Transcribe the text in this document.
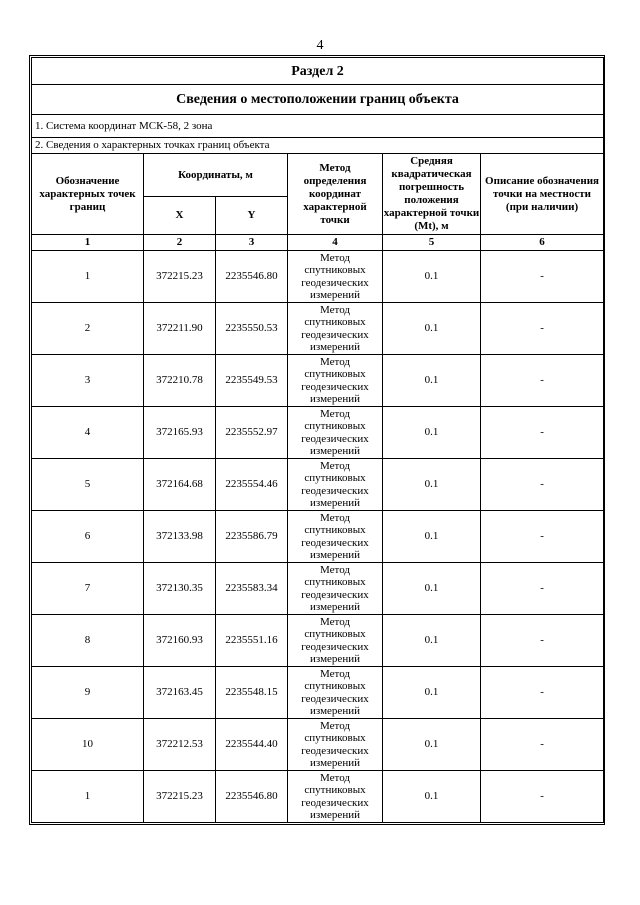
4
Раздел 2					
Сведения о местоположении границ объекта					
1. Система координат МСК-58, 2 зона					
2. Сведения о характерных точках границ объекта					
Обозначение характерных точек границ	Координаты, м		Метод определения координат характерной точки	Средняя квадратическая погрешность положения характерной точки (Mt), м	Описание обозначения точки на местности (при наличии)
	X	Y			
1	2	3	4	5	6
1	372215.23	2235546.80	Метод
спутниковых
геодезических
измерений	0.1	-
2	372211.90	2235550.53	Метод
спутниковых
геодезических
измерений	0.1	-
3	372210.78	2235549.53	Метод
спутниковых
геодезических
измерений	0.1	-
4	372165.93	2235552.97	Метод
спутниковых
геодезических
измерений	0.1	-
5	372164.68	2235554.46	Метод
спутниковых
геодезических
измерений	0.1	-
6	372133.98	2235586.79	Метод
спутниковых
геодезических
измерений	0.1	-
7	372130.35	2235583.34	Метод
спутниковых
геодезических
измерений	0.1	-
8	372160.93	2235551.16	Метод
спутниковых
геодезических
измерений	0.1	-
9	372163.45	2235548.15	Метод
спутниковых
геодезических
измерений	0.1	-
10	372212.53	2235544.40	Метод
спутниковых
геодезических
измерений	0.1	-
1	372215.23	2235546.80	Метод
спутниковых
геодезических
измерений	0.1	-
